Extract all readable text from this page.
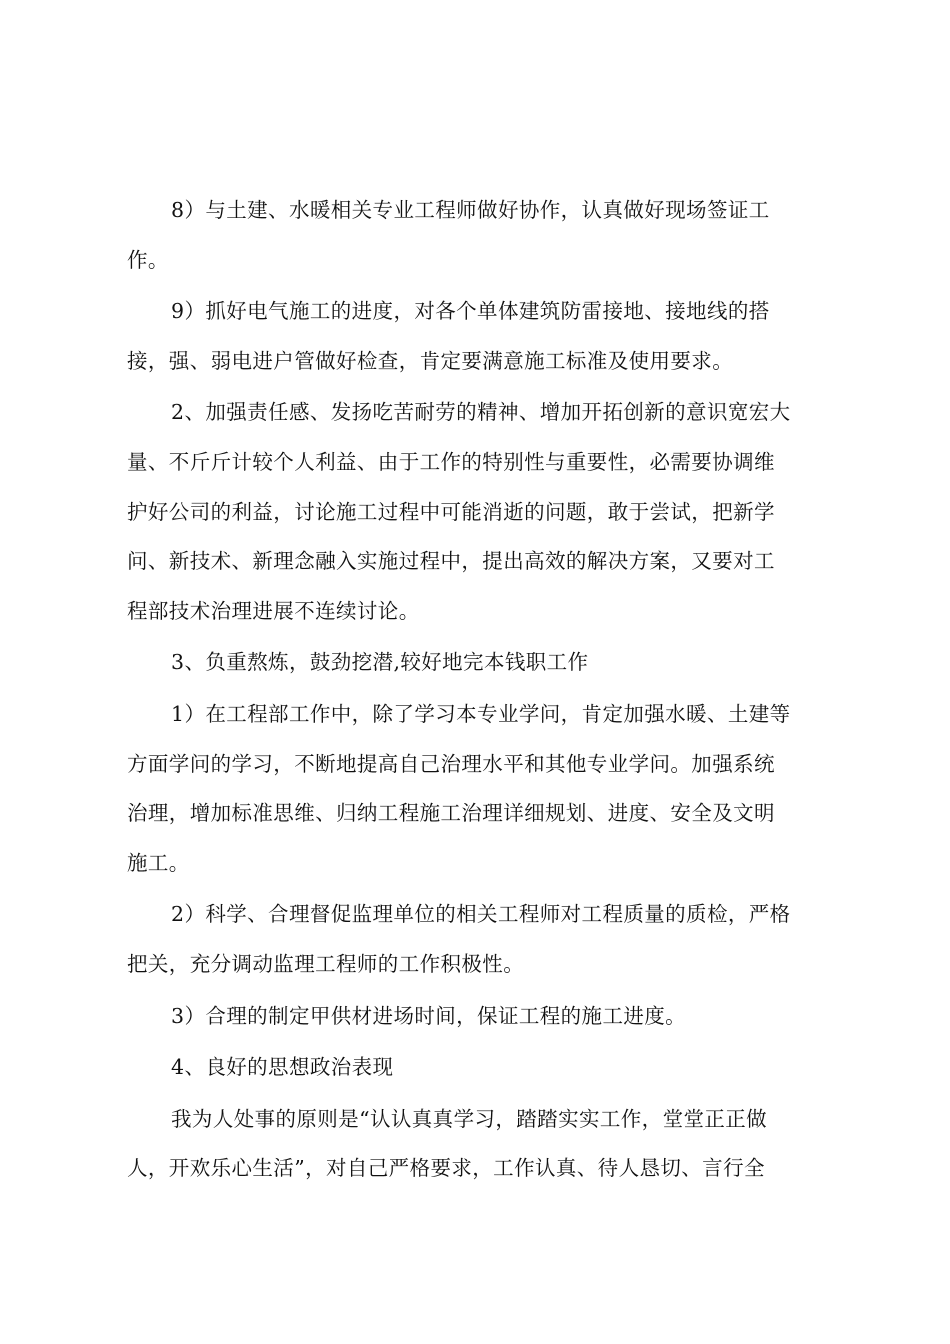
8）与土建、水暖相关专业工程师做好协作，认真做好现场签证工
作。
9）抓好电气施工的进度，对各个单体建筑防雷接地、接地线的搭
接，强、弱电进户管做好检查，肯定要满意施工标准及使用要求。
2、加强责任感、发扬吃苦耐劳的精神、增加开拓创新的意识宽宏大
量、不斤斤计较个人利益、由于工作的特别性与重要性，必需要协调维
护好公司的利益，讨论施工过程中可能消逝的问题，敢于尝试，把新学
问、新技术、新理念融入实施过程中，提出高效的解决方案，又要对工
程部技术治理进展不连续讨论。
3、负重熬炼，鼓劲挖潜,较好地完本钱职工作
1）在工程部工作中，除了学习本专业学问，肯定加强水暖、土建等
方面学问的学习，不断地提高自己治理水平和其他专业学问。加强系统
治理，增加标准思维、归纳工程施工治理详细规划、进度、安全及文明
施工。
2）科学、合理督促监理单位的相关工程师对工程质量的质检，严格
把关，充分调动监理工程师的工作积极性。
3）合理的制定甲供材进场时间，保证工程的施工进度。
4、良好的思想政治表现
我为人处事的原则是“认认真真学习，踏踏实实工作，堂堂正正做
人，开欢乐心生活”，对自己严格要求，工作认真、待人恳切、言行全
